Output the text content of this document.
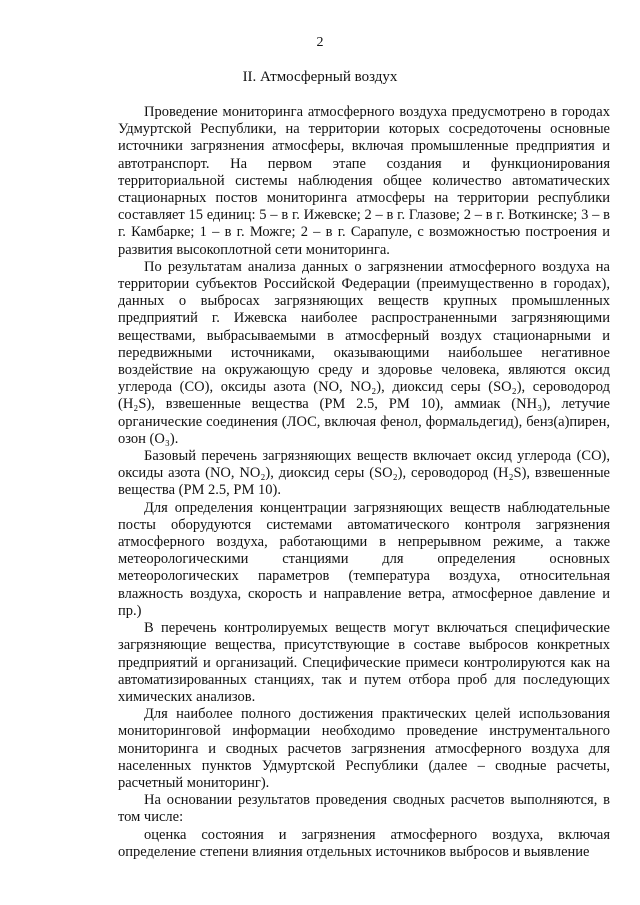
2
II. Атмосферный воздух

Проведение мониторинга атмосферного воздуха предусмотрено в городах Удмуртской Республики, на территории которых сосредоточены основные источники загрязнения атмосферы, включая промышленные предприятия и автотранспорт. На первом этапе создания и функционирования территориальной системы наблюдения общее количество автоматических стационарных постов мониторинга атмосферы на территории республики составляет 15 единиц: 5 – в г. Ижевске; 2 – в г. Глазове; 2 – в г. Воткинске; 3 – в г. Камбарке; 1 – в г. Можге; 2 – в г. Сарапуле, с возможностью построения и развития высокоплотной сети мониторинга.

По результатам анализа данных о загрязнении атмосферного воздуха на территории субъектов Российской Федерации (преимущественно в городах), данных о выбросах загрязняющих веществ крупных промышленных предприятий г. Ижевска наиболее распространенными загрязняющими веществами, выбрасываемыми в атмосферный воздух стационарными и передвижными источниками, оказывающими наибольшее негативное воздействие на окружающую среду и здоровье человека, являются оксид углерода (CO), оксиды азота (NO, NO₂), диоксид серы (SO₂), сероводород (H₂S), взвешенные вещества (PM 2.5, PM 10), аммиак (NH₃), летучие органические соединения (ЛОС, включая фенол, формальдегид), бенз(а)пирен, озон (O₃).

Базовый перечень загрязняющих веществ включает оксид углерода (CO), оксиды азота (NO, NO₂), диоксид серы (SO₂), сероводород (H₂S), взвешенные вещества (PM 2.5, PM 10).

Для определения концентрации загрязняющих веществ наблюдательные посты оборудуются системами автоматического контроля загрязнения атмосферного воздуха, работающими в непрерывном режиме, а также метеорологическими станциями для определения основных метеорологических параметров (температура воздуха, относительная влажность воздуха, скорость и направление ветра, атмосферное давление и пр.)

В перечень контролируемых веществ могут включаться специфические загрязняющие вещества, присутствующие в составе выбросов конкретных предприятий и организаций. Специфические примеси контролируются как на автоматизированных станциях, так и путем отбора проб для последующих химических анализов.

Для наиболее полного достижения практических целей использования мониторинговой информации необходимо проведение инструментального мониторинга и сводных расчетов загрязнения атмосферного воздуха для населенных пунктов Удмуртской Республики (далее – сводные расчеты, расчетный мониторинг).

На основании результатов проведения сводных расчетов выполняются, в том числе:

оценка состояния и загрязнения атмосферного воздуха, включая определение степени влияния отдельных источников выбросов и выявление
